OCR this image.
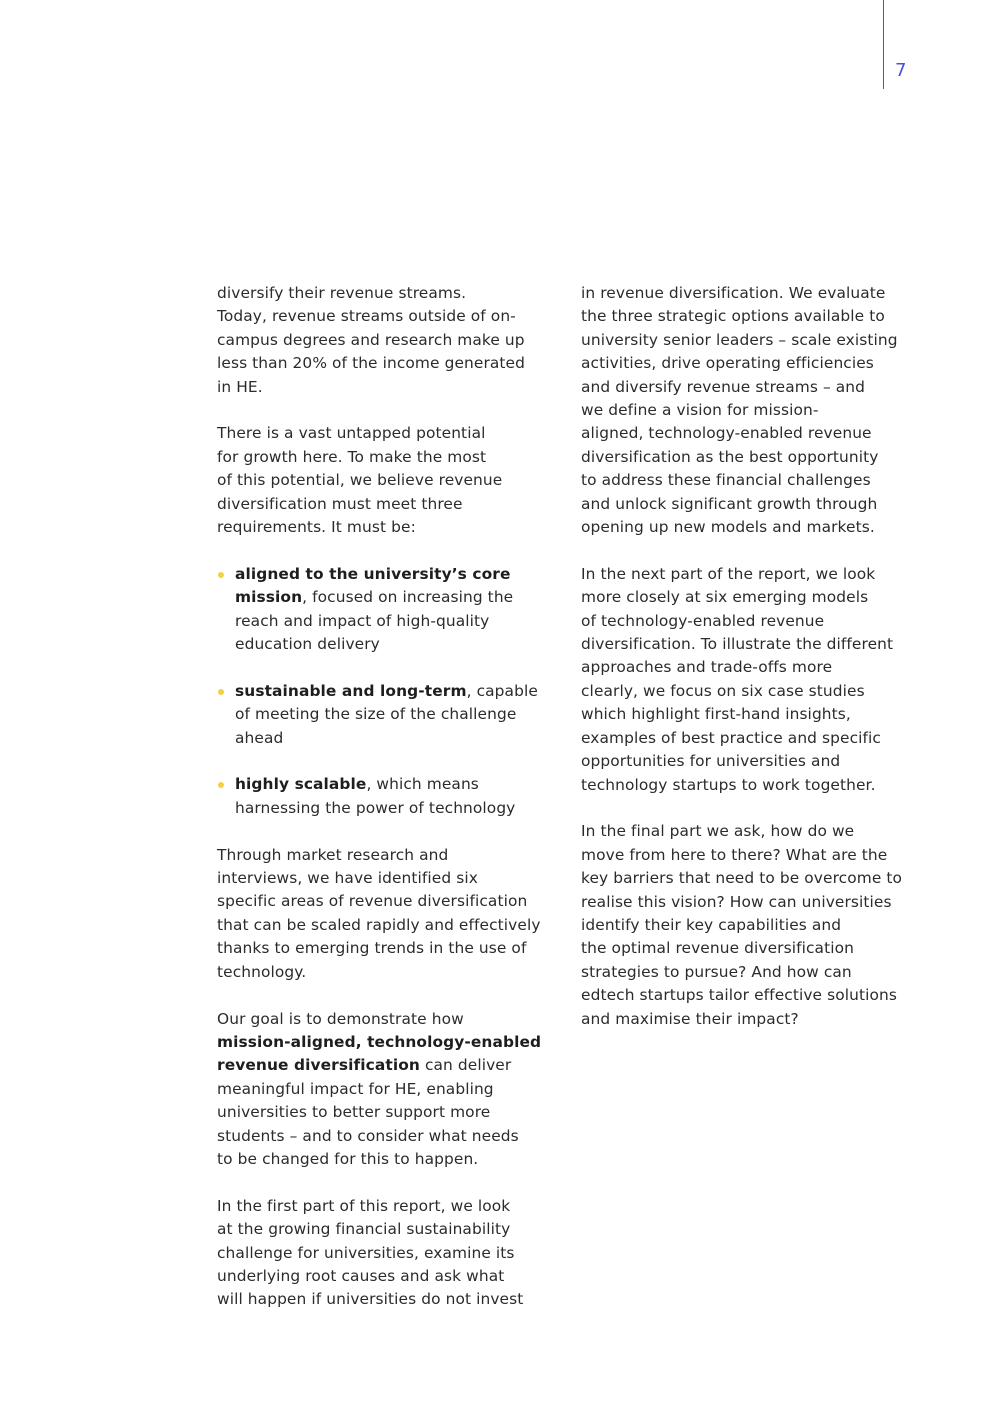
7

diversify their revenue streams.
Today, revenue streams outside of on-
campus degrees and research make up
less than 20% of the income generated
in HE.

There is a vast untapped potential
for growth here. To make the most
of this potential, we believe revenue
diversification must meet three
requirements. It must be:

aligned to the university’s core
mission, focused on increasing the
reach and impact of high-quality
education delivery
sustainable and long-term, capable
of meeting the size of the challenge
ahead
highly scalable, which means
harnessing the power of technology

Through market research and
interviews, we have identified six
specific areas of revenue diversification
that can be scaled rapidly and effectively
thanks to emerging trends in the use of
technology.

Our goal is to demonstrate how
mission-aligned, technology-enabled
revenue diversification can deliver
meaningful impact for HE, enabling
universities to better support more
students – and to consider what needs
to be changed for this to happen.

In the first part of this report, we look
at the growing financial sustainability
challenge for universities, examine its
underlying root causes and ask what
will happen if universities do not invest

in revenue diversification. We evaluate
the three strategic options available to
university senior leaders – scale existing
activities, drive operating efficiencies
and diversify revenue streams – and
we define a vision for mission-
aligned, technology-enabled revenue
diversification as the best opportunity
to address these financial challenges
and unlock significant growth through
opening up new models and markets.

In the next part of the report, we look
more closely at six emerging models
of technology-enabled revenue
diversification. To illustrate the different
approaches and trade-offs more
clearly, we focus on six case studies
which highlight first-hand insights,
examples of best practice and specific
opportunities for universities and
technology startups to work together.

In the final part we ask, how do we
move from here to there? What are the
key barriers that need to be overcome to
realise this vision? How can universities
identify their key capabilities and
the optimal revenue diversification
strategies to pursue? And how can
edtech startups tailor effective solutions
and maximise their impact?
